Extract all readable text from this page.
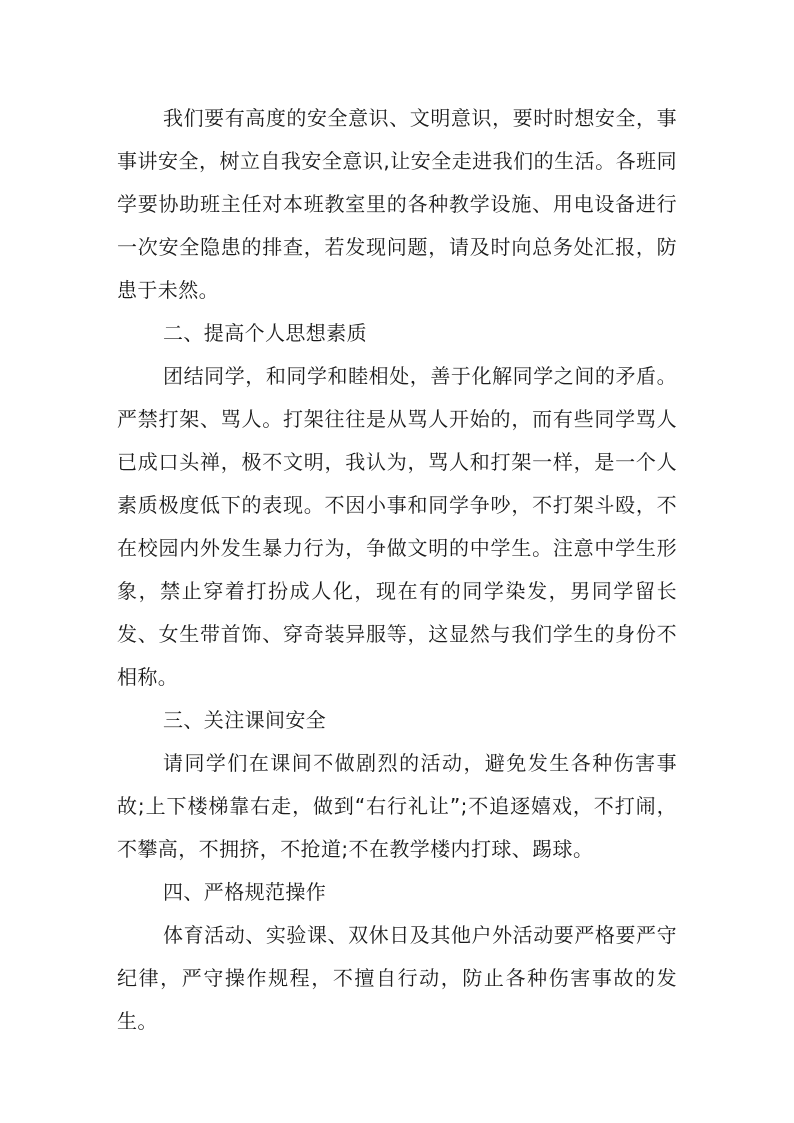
我们要有高度的安全意识、文明意识，要时时想安全，事事讲安全，树立自我安全意识,让安全走进我们的生活。各班同学要协助班主任对本班教室里的各种教学设施、用电设备进行一次安全隐患的排查，若发现问题，请及时向总务处汇报，防患于未然。

二、提高个人思想素质

团结同学，和同学和睦相处，善于化解同学之间的矛盾。严禁打架、骂人。打架往往是从骂人开始的，而有些同学骂人已成口头禅，极不文明，我认为，骂人和打架一样，是一个人素质极度低下的表现。不因小事和同学争吵，不打架斗殴，不在校园内外发生暴力行为，争做文明的中学生。注意中学生形象，禁止穿着打扮成人化，现在有的同学染发，男同学留长发、女生带首饰、穿奇装异服等，这显然与我们学生的身份不相称。

三、关注课间安全

请同学们在课间不做剧烈的活动，避免发生各种伤害事故;上下楼梯靠右走，做到“右行礼让”;不追逐嬉戏，不打闹，不攀高，不拥挤，不抢道;不在教学楼内打球、踢球。

四、严格规范操作

体育活动、实验课、双休日及其他户外活动要严格要严守纪律，严守操作规程，不擅自行动，防止各种伤害事故的发生。
